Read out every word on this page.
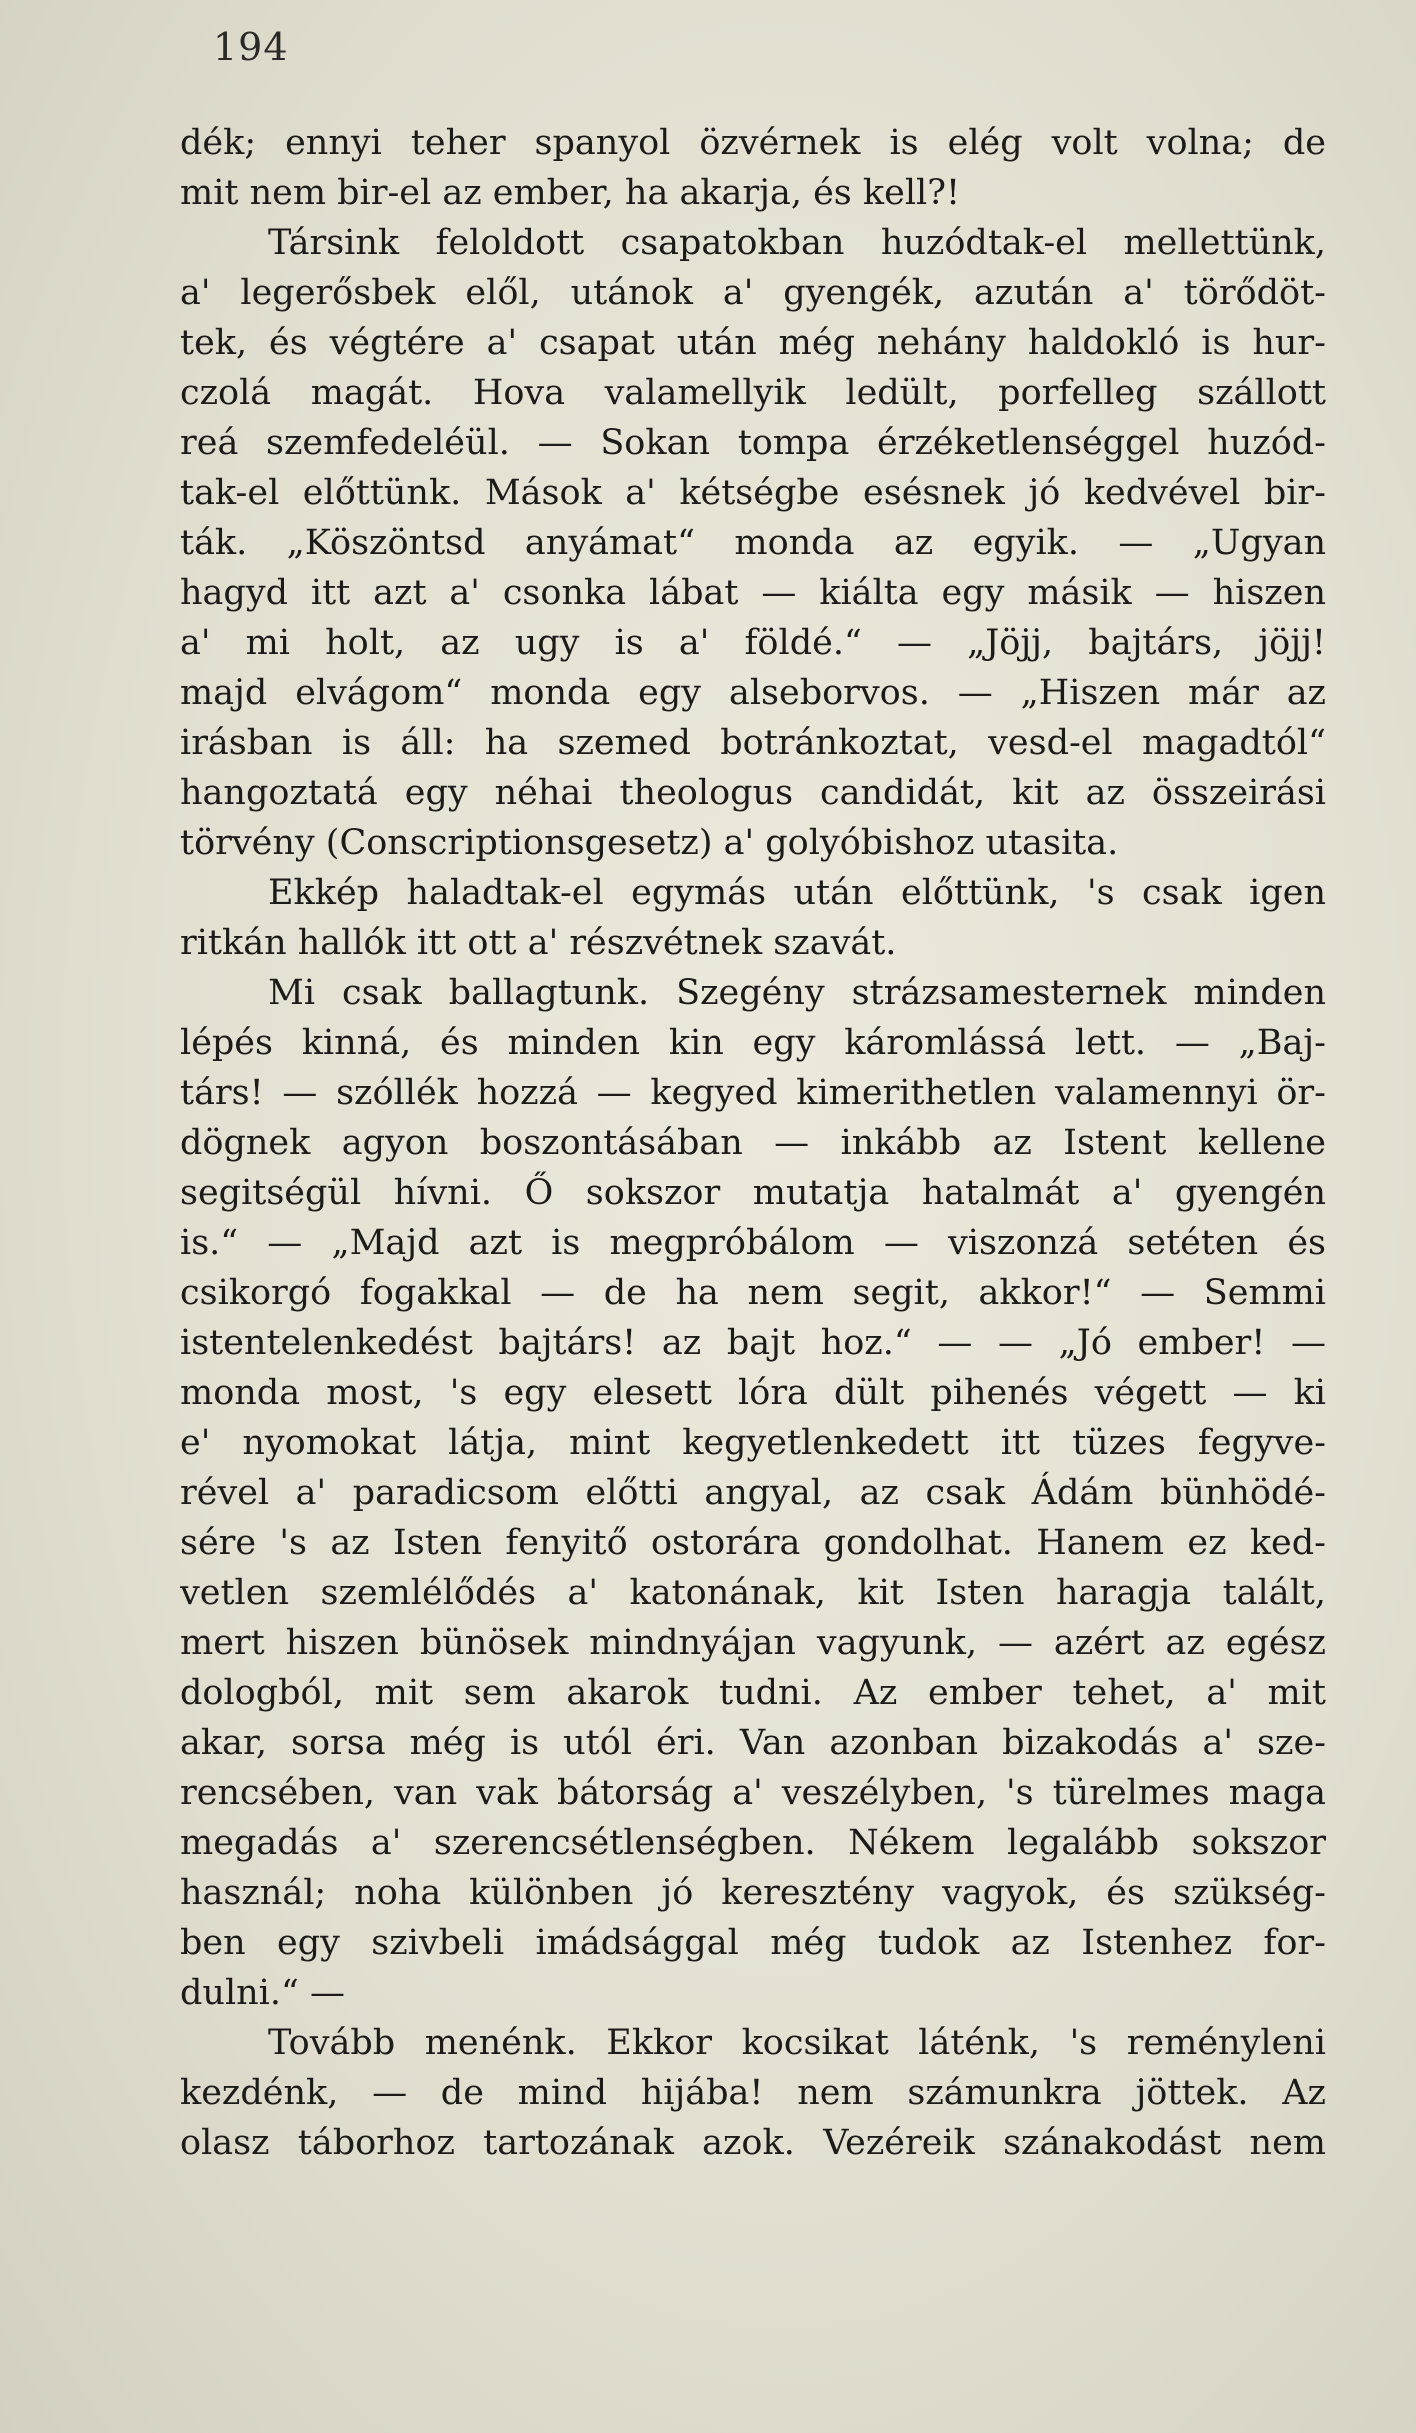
194
dék; ennyi teher spanyol özvérnek is elég volt volna; de
mit nem bir-el az ember, ha akarja, és kell?!
Társink feloldott csapatokban huzódtak-el mellettünk,
a' legerősbek elől, utánok a' gyengék, azután a' törődöt-
tek, és végtére a' csapat után még nehány haldokló is hur-
czolá magát. Hova valamellyik ledült, porfelleg szállott
reá szemfedeléül. — Sokan tompa érzéketlenséggel huzód-
tak-el előttünk. Mások a' kétségbe esésnek jó kedvével bir-
ták. „Köszöntsd anyámat“ monda az egyik. — „Ugyan
hagyd itt azt a' csonka lábat — kiálta egy másik — hiszen
a' mi holt, az ugy is a' földé.“ — „Jöjj, bajtárs, jöjj!
majd elvágom“ monda egy alseborvos. — „Hiszen már az
irásban is áll: ha szemed botránkoztat, vesd-el magadtól“
hangoztatá egy néhai theologus candidát, kit az összeirási
törvény (Conscriptionsgesetz) a' golyóbishoz utasita.
Ekkép haladtak-el egymás után előttünk, 's csak igen
ritkán hallók itt ott a' részvétnek szavát.
Mi csak ballagtunk. Szegény strázsamesternek minden
lépés kinná, és minden kin egy káromlássá lett. — „Baj-
társ! — szóllék hozzá — kegyed kimerithetlen valamennyi ör-
dögnek agyon boszontásában — inkább az Istent kellene
segitségül hívni. Ő sokszor mutatja hatalmát a' gyengén
is.“ — „Majd azt is megpróbálom — viszonzá setéten és
csikorgó fogakkal — de ha nem segit, akkor!“ — Semmi
istentelenkedést bajtárs! az bajt hoz.“ — — „Jó ember! —
monda most, 's egy elesett lóra dült pihenés végett — ki
e' nyomokat látja, mint kegyetlenkedett itt tüzes fegyve-
rével a' paradicsom előtti angyal, az csak Ádám bünhödé-
sére 's az Isten fenyitő ostorára gondolhat. Hanem ez ked-
vetlen szemlélődés a' katonának, kit Isten haragja talált,
mert hiszen bünösek mindnyájan vagyunk, — azért az egész
dologból, mit sem akarok tudni. Az ember tehet, a' mit
akar, sorsa még is utól éri. Van azonban bizakodás a' sze-
rencsében, van vak bátorság a' veszélyben, 's türelmes maga
megadás a' szerencsétlenségben. Nékem legalább sokszor
használ; noha különben jó keresztény vagyok, és szükség-
ben egy szivbeli imádsággal még tudok az Istenhez for-
dulni.“ —
Tovább menénk. Ekkor kocsikat láténk, 's reményleni
kezdénk, — de mind hijába! nem számunkra jöttek. Az
olasz táborhoz tartozának azok. Vezéreik szánakodást nem
